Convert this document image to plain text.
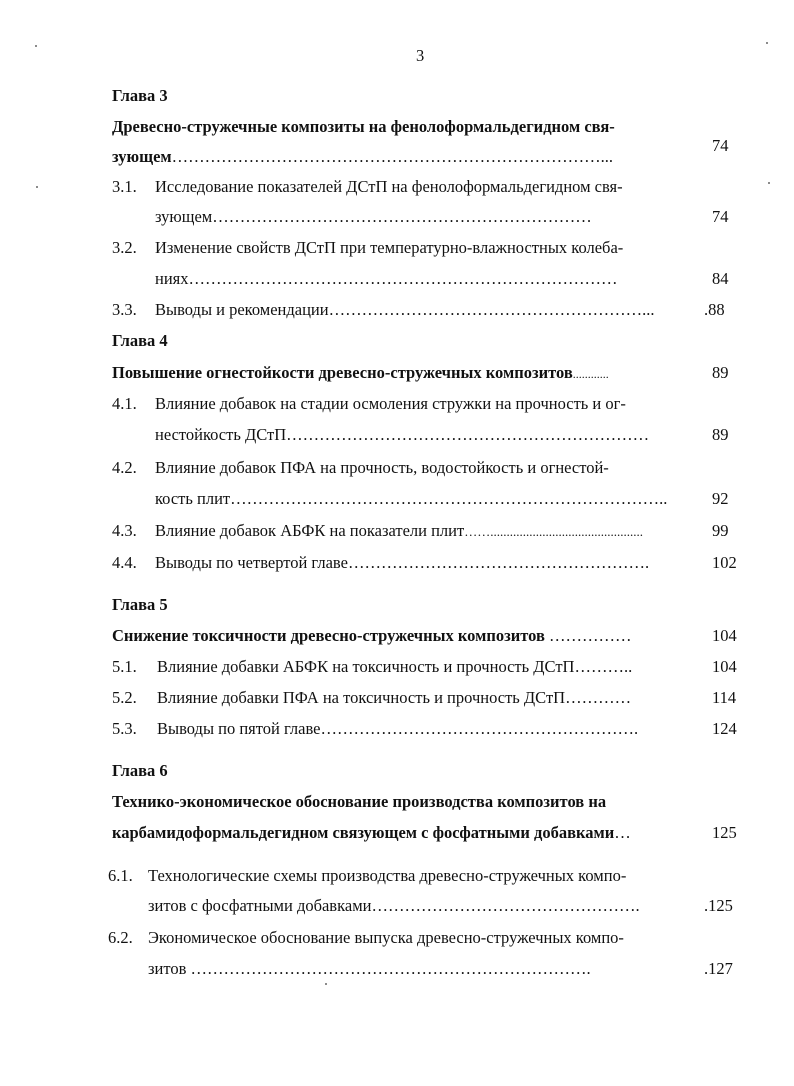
3
Глава 3
Древесно-стружечные композиты на фенолоформальдегидном свя-
зующем……………………………………………………………………...
74
3.1. Исследование показателей ДСтП на фенолоформальдегидном свя-
зующем……………………………………………………………	74
3.2. Изменение свойств ДСтП при температурно-влажностных колеба-
ниях……………………………………………………………………	84
3.3. Выводы и рекомендации…………………………………………………...	.88
Глава 4
Повышение огнестойкости древесно-стружечных композитов............	89
4.1. Влияние добавок на стадии осмоления стружки на прочность и ог-
нестойкость ДСтП…………………………………………………………	89
4.2. Влияние добавок ПФА на прочность, водостойкость и огнестой-
кость плит……………………………………………………………………..	92
4.3. Влияние добавок АБФК на показатели плит……...............................................	99
4.4. Выводы по четвертой главе……………………………………………….	102
Глава 5
Снижение токсичности древесно-стружечных композитов ……………	104
5.1. Влияние добавки АБФК на токсичность и прочность ДСтП………..	104
5.2. Влияние добавки ПФА на токсичность и прочность ДСтП…………	114
5.3. Выводы по пятой главе………………………………………………….	124
Глава 6
Технико-экономическое обоснование производства композитов на
карбамидоформальдегидном связующем с фосфатными добавками…	125
6.1. Технологические схемы производства древесно-стружечных компо-
зитов с фосфатными добавками………………………………………….	.125
6.2. Экономическое обоснование выпуска древесно-стружечных компо-
зитов ……………………………………………………………….	.127
